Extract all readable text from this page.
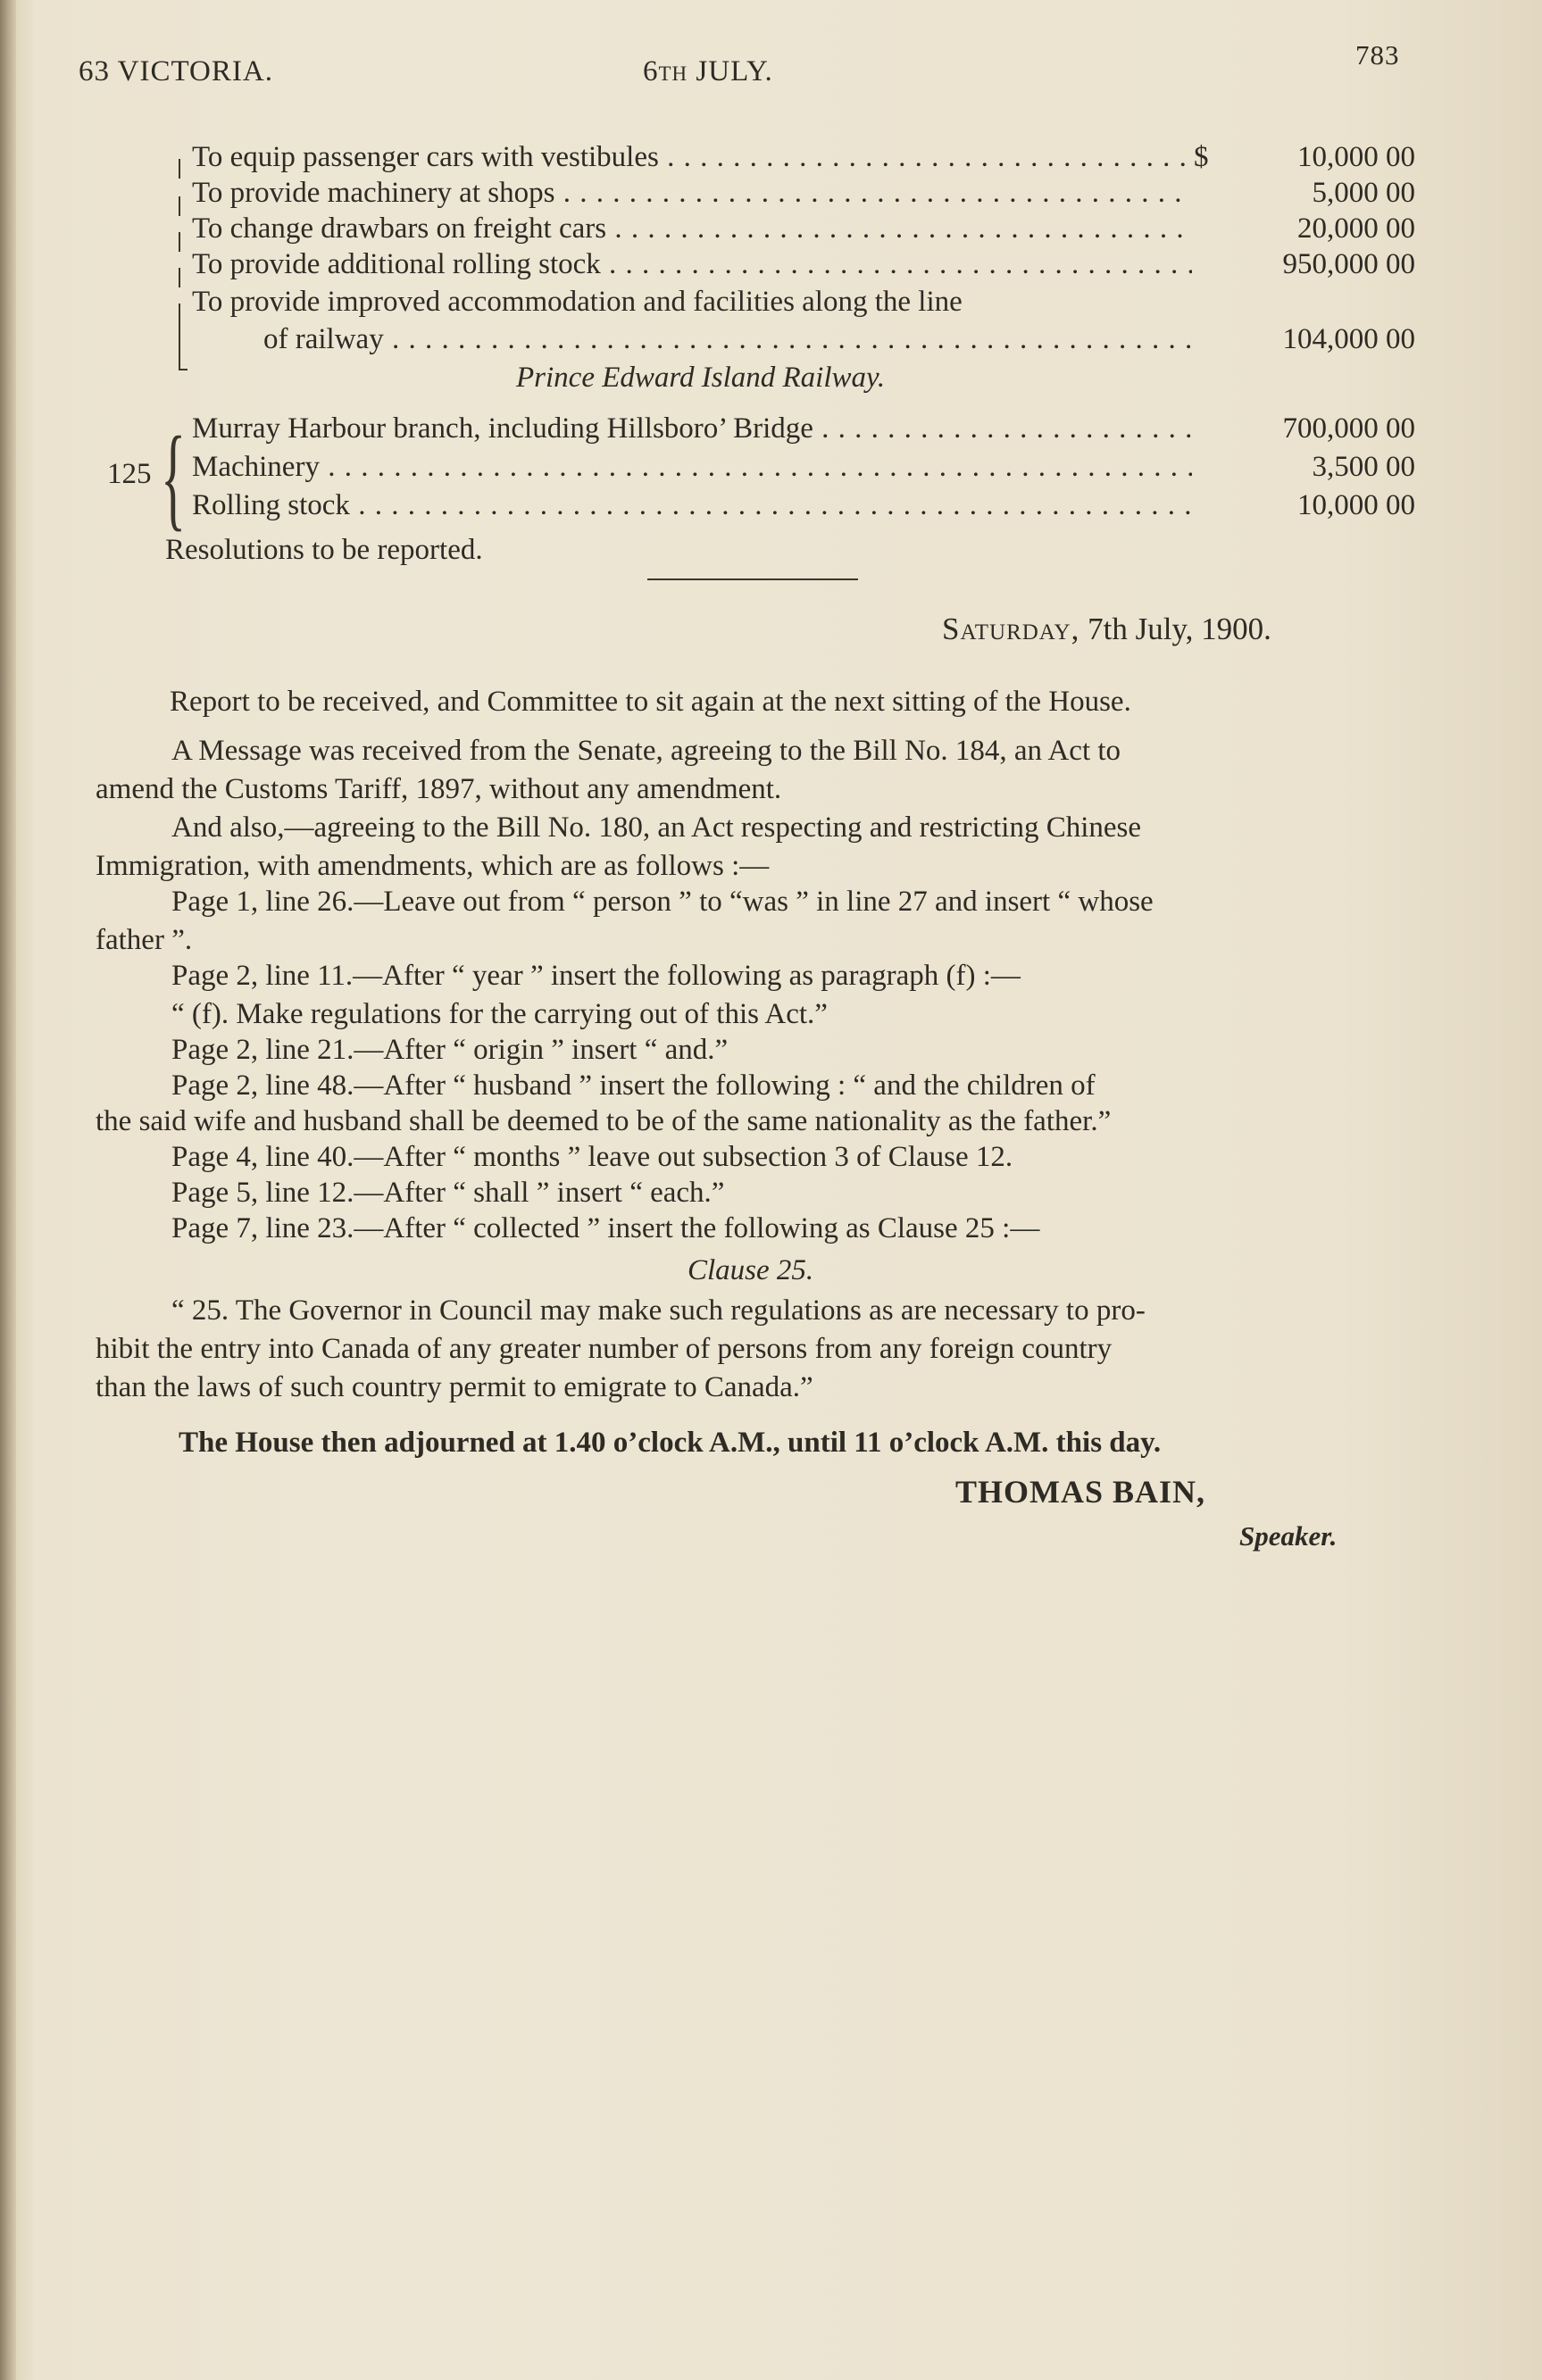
63 VICTORIA.	6th JULY.
783
To equip passenger cars with vestibules . . .	$	10,000 00
To provide machinery at shops . . .	5,000 00
To change drawbars on freight cars . . .	20,000 00
To provide additional rolling stock . . .	950,000 00
To provide improved accommodation and facilities along the line
of railway . . .	104,000 00
Prince Edward Island Railway.
125 { Murray Harbour branch, including Hillsboro’ Bridge . . .	700,000 00
Machinery . . .	3,500 00
Rolling stock . . .	10,000 00
Resolutions to be reported.
Saturday, 7th July, 1900.
Report to be received, and Committee to sit again at the next sitting of the House.
A Message was received from the Senate, agreeing to the Bill No. 184, an Act to
amend the Customs Tariff, 1897, without any amendment.
And also,—agreeing to the Bill No. 180, an Act respecting and restricting Chinese
Immigration, with amendments, which are as follows :—
Page 1, line 26.—Leave out from “ person ” to “was ” in line 27 and insert “ whose
father ”.
Page 2, line 11.—After “ year ” insert the following as paragraph (f) :—
“ (f). Make regulations for the carrying out of this Act.”
Page 2, line 21.—After “ origin ” insert “ and.”
Page 2, line 48.—After “ husband ” insert the following : “ and the children of
the said wife and husband shall be deemed to be of the same nationality as the father.”
Page 4, line 40.—After “ months ” leave out subsection 3 of Clause 12.
Page 5, line 12.—After “ shall ” insert “ each.”
Page 7, line 23.—After “ collected ” insert the following as Clause 25 :—
Clause 25.
“ 25. The Governor in Council may make such regulations as are necessary to pro-
hibit the entry into Canada of any greater number of persons from any foreign country
than the laws of such country permit to emigrate to Canada.”
The House then adjourned at 1.40 o’clock A.M., until 11 o’clock A.M. this day.
THOMAS BAIN,
Speaker.
